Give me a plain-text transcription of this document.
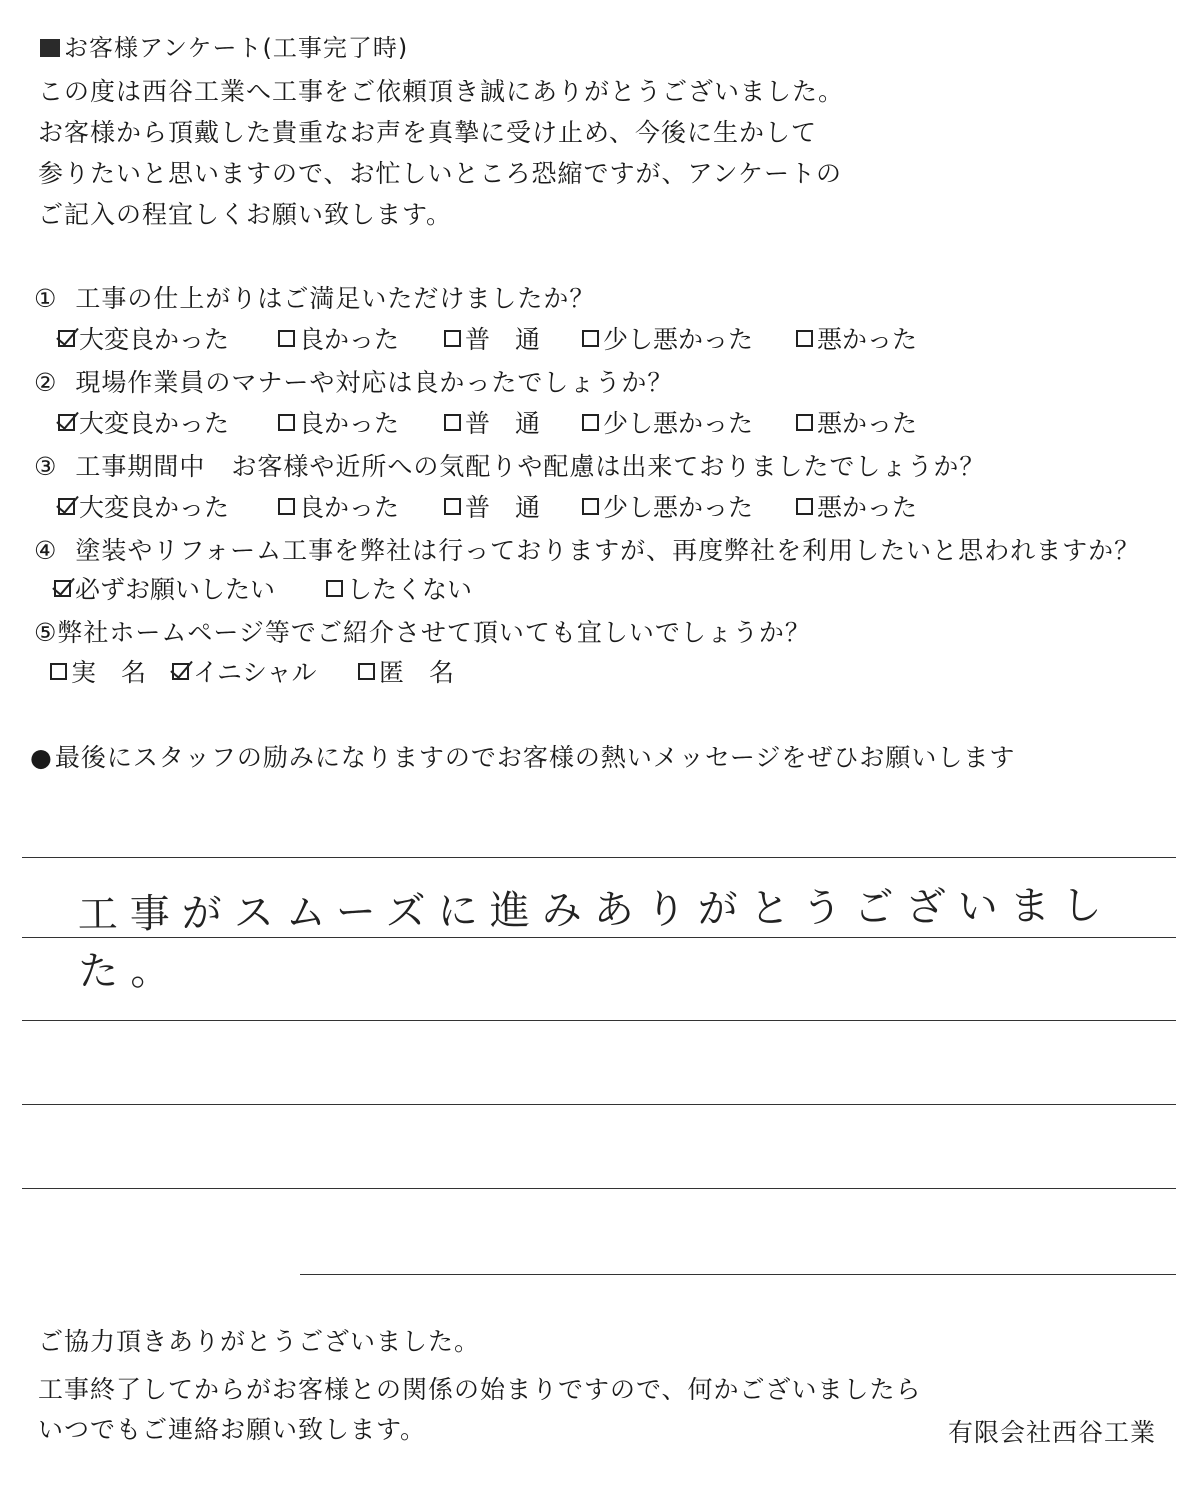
お客様アンケート(工事完了時)
この度は西谷工業へ工事をご依頼頂き誠にありがとうございました。
お客様から頂戴した貴重なお声を真摯に受け止め、今後に生かして
参りたいと思いますので、お忙しいところ恐縮ですが、アンケートの
ご記入の程宜しくお願い致します。
① 工事の仕上がりはご満足いただけましたか？
大変良かった	良かった	普　通	少し悪かった	悪かった
② 現場作業員のマナーや対応は良かったでしょうか？
大変良かった	良かった	普　通	少し悪かった	悪かった
③ 工事期間中　お客様や近所への気配りや配慮は出来ておりましたでしょうか？
大変良かった	良かった	普　通	少し悪かった	悪かった
④ 塗装やリフォーム工事を弊社は行っておりますが、再度弊社を利用したいと思われますか？
必ずお願いしたい	したくない
⑤弊社ホームページ等でご紹介させて頂いても宜しいでしょうか？
実　名 イニシャル 匿　名
● 最後にスタッフの励みになりますのでお客様の熱いメッセージをぜひお願いします
工事がスムーズに進みありがとうございました。
ご協力頂きありがとうございました。
工事終了してからがお客様との関係の始まりですので、何かございましたら
いつでもご連絡お願い致します。	有限会社西谷工業
